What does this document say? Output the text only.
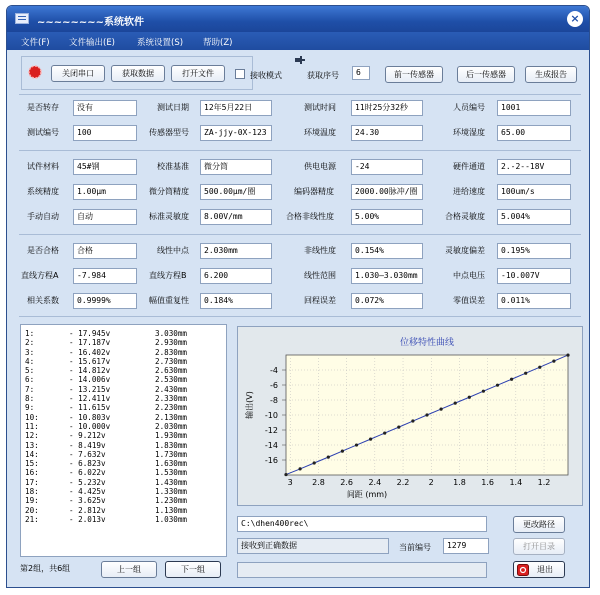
~~~~~~~~系统软件	×
文件(F) 文件输出(E)	系统设置(S) 帮助(Z)
关闭串口	获取数据	打开文件	接收模式	获取序号	6	前一传感器	后一传感器	生成报告
是否转存	没有	测试日期	12年5月22日	测试时间	11时25分32秒	人员编号	1001
测试编号	100	传感器型号	ZA-jjy-0X-123	环境温度	24.30	环境湿度	65.00
试件材料	45#钢	校准基准	微分筒	供电电源	-24	硬件通道	2.-2--18V
系统精度	1.00μm	微分筒精度	500.00μm/圈	编码器精度	2000.00脉冲/圈	进给速度	100um/s
手动自动	自动	标准灵敏度	8.00V/mm	合格非线性度	5.00%	合格灵敏度	5.004%
是否合格	合格	线性中点	2.030mm	非线性度	0.154%	灵敏度偏差	0.195%
直线方程A	-7.984	直线方程B	6.200	线性范围	1.030—3.030mm	中点电压	-10.007V
相关系数	0.9999%	幅值重复性	0.184%	回程误差	0.072%	零值误差	0.011%
1:	- 17.945v	3.030mm
2:	- 17.187v	2.930mm
3:	- 16.402v	2.830mm
4:	- 15.617v	2.730mm
5:	- 14.812v	2.630mm
6:	- 14.006v	2.530mm
7:	- 13.215v	2.430mm
8:	- 12.411v	2.330mm
9:	- 11.615v	2.230mm
10:	- 10.803v	2.130mm
11:	- 10.000v	2.030mm
12:	- 9.212v	1.930mm
13:	- 8.419v	1.830mm
14:	- 7.632v	1.730mm
15:	- 6.823v	1.630mm
16:	- 6.022v	1.530mm
17:	- 5.232v	1.430mm
18:	- 4.425v	1.330mm
19:	- 3.625v	1.230mm
20:	- 2.812v	1.130mm
21:	- 2.013v	1.030mm
第2组，共6组	上一组	下一组
3 2.8 2.6 2.4 2.2 2 1.8 1.6 1.4 1.2
-4
-6
-8
-10
-12
-14
-16
位移特性曲线
间距 (mm)
输出(V)
C:\dhen400rec\	更改路径
接收到正确数据	当前编号	1279	打开目录
退出
